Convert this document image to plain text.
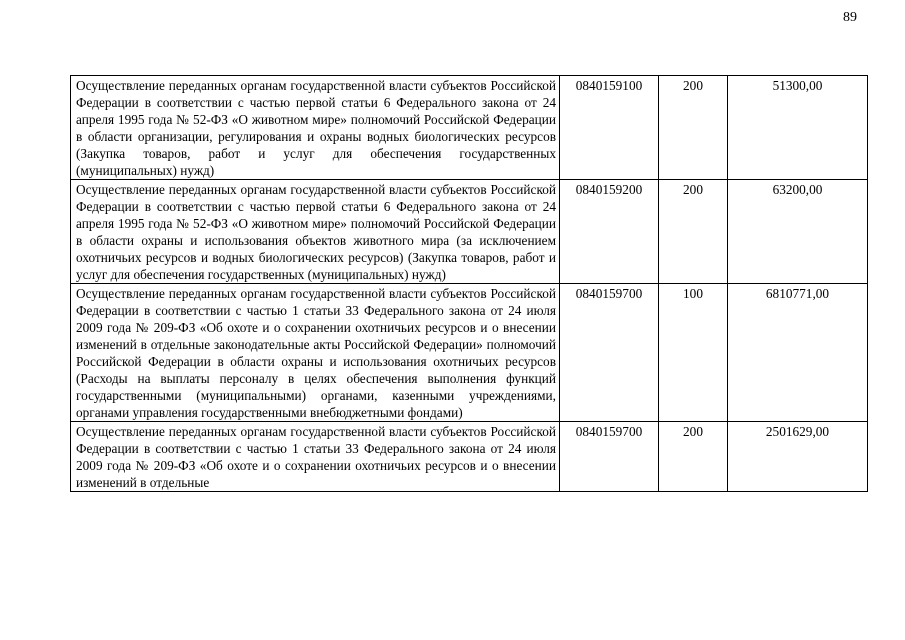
89
Осуществление переданных органам государственной власти субъектов Российской Федерации в соответствии с частью первой статьи 6 Федерального закона от 24 апреля 1995 года № 52-ФЗ «О животном мире» полномочий Российской Федерации в области организации, регулирования и охраны водных биологических ресурсов (Закупка товаров, работ и услуг для обеспечения государственных (муниципальных) нужд)	0840159100	200	51300,00
Осуществление переданных органам государственной власти субъектов Российской Федерации в соответствии с частью первой статьи 6 Федерального закона от 24 апреля 1995 года № 52-ФЗ «О животном мире» полномочий Российской Федерации в области охраны и использования объектов животного мира (за исключением охотничьих ресурсов и водных биологических ресурсов) (Закупка товаров, работ и услуг для обеспечения государственных (муниципальных) нужд)	0840159200	200	63200,00
Осуществление переданных органам государственной власти субъектов Российской Федерации в соответствии с частью 1 статьи 33 Федерального закона от 24 июля 2009 года № 209-ФЗ «Об охоте и о сохранении охотничьих ресурсов и о внесении изменений в отдельные законодательные акты Российской Федерации» полномочий Российской Федерации в области охраны и использования охотничьих ресурсов (Расходы на выплаты персоналу в целях обеспечения выполнения функций государственными (муниципальными) органами, казенными учреждениями, органами управления государственными внебюджетными фондами)	0840159700	100	6810771,00
Осуществление переданных органам государственной власти субъектов Российской Федерации в соответствии с частью 1 статьи 33 Федерального закона от 24 июля 2009 года № 209-ФЗ «Об охоте и о сохранении охотничьих ресурсов и о внесении изменений в отдельные	0840159700	200	2501629,00
